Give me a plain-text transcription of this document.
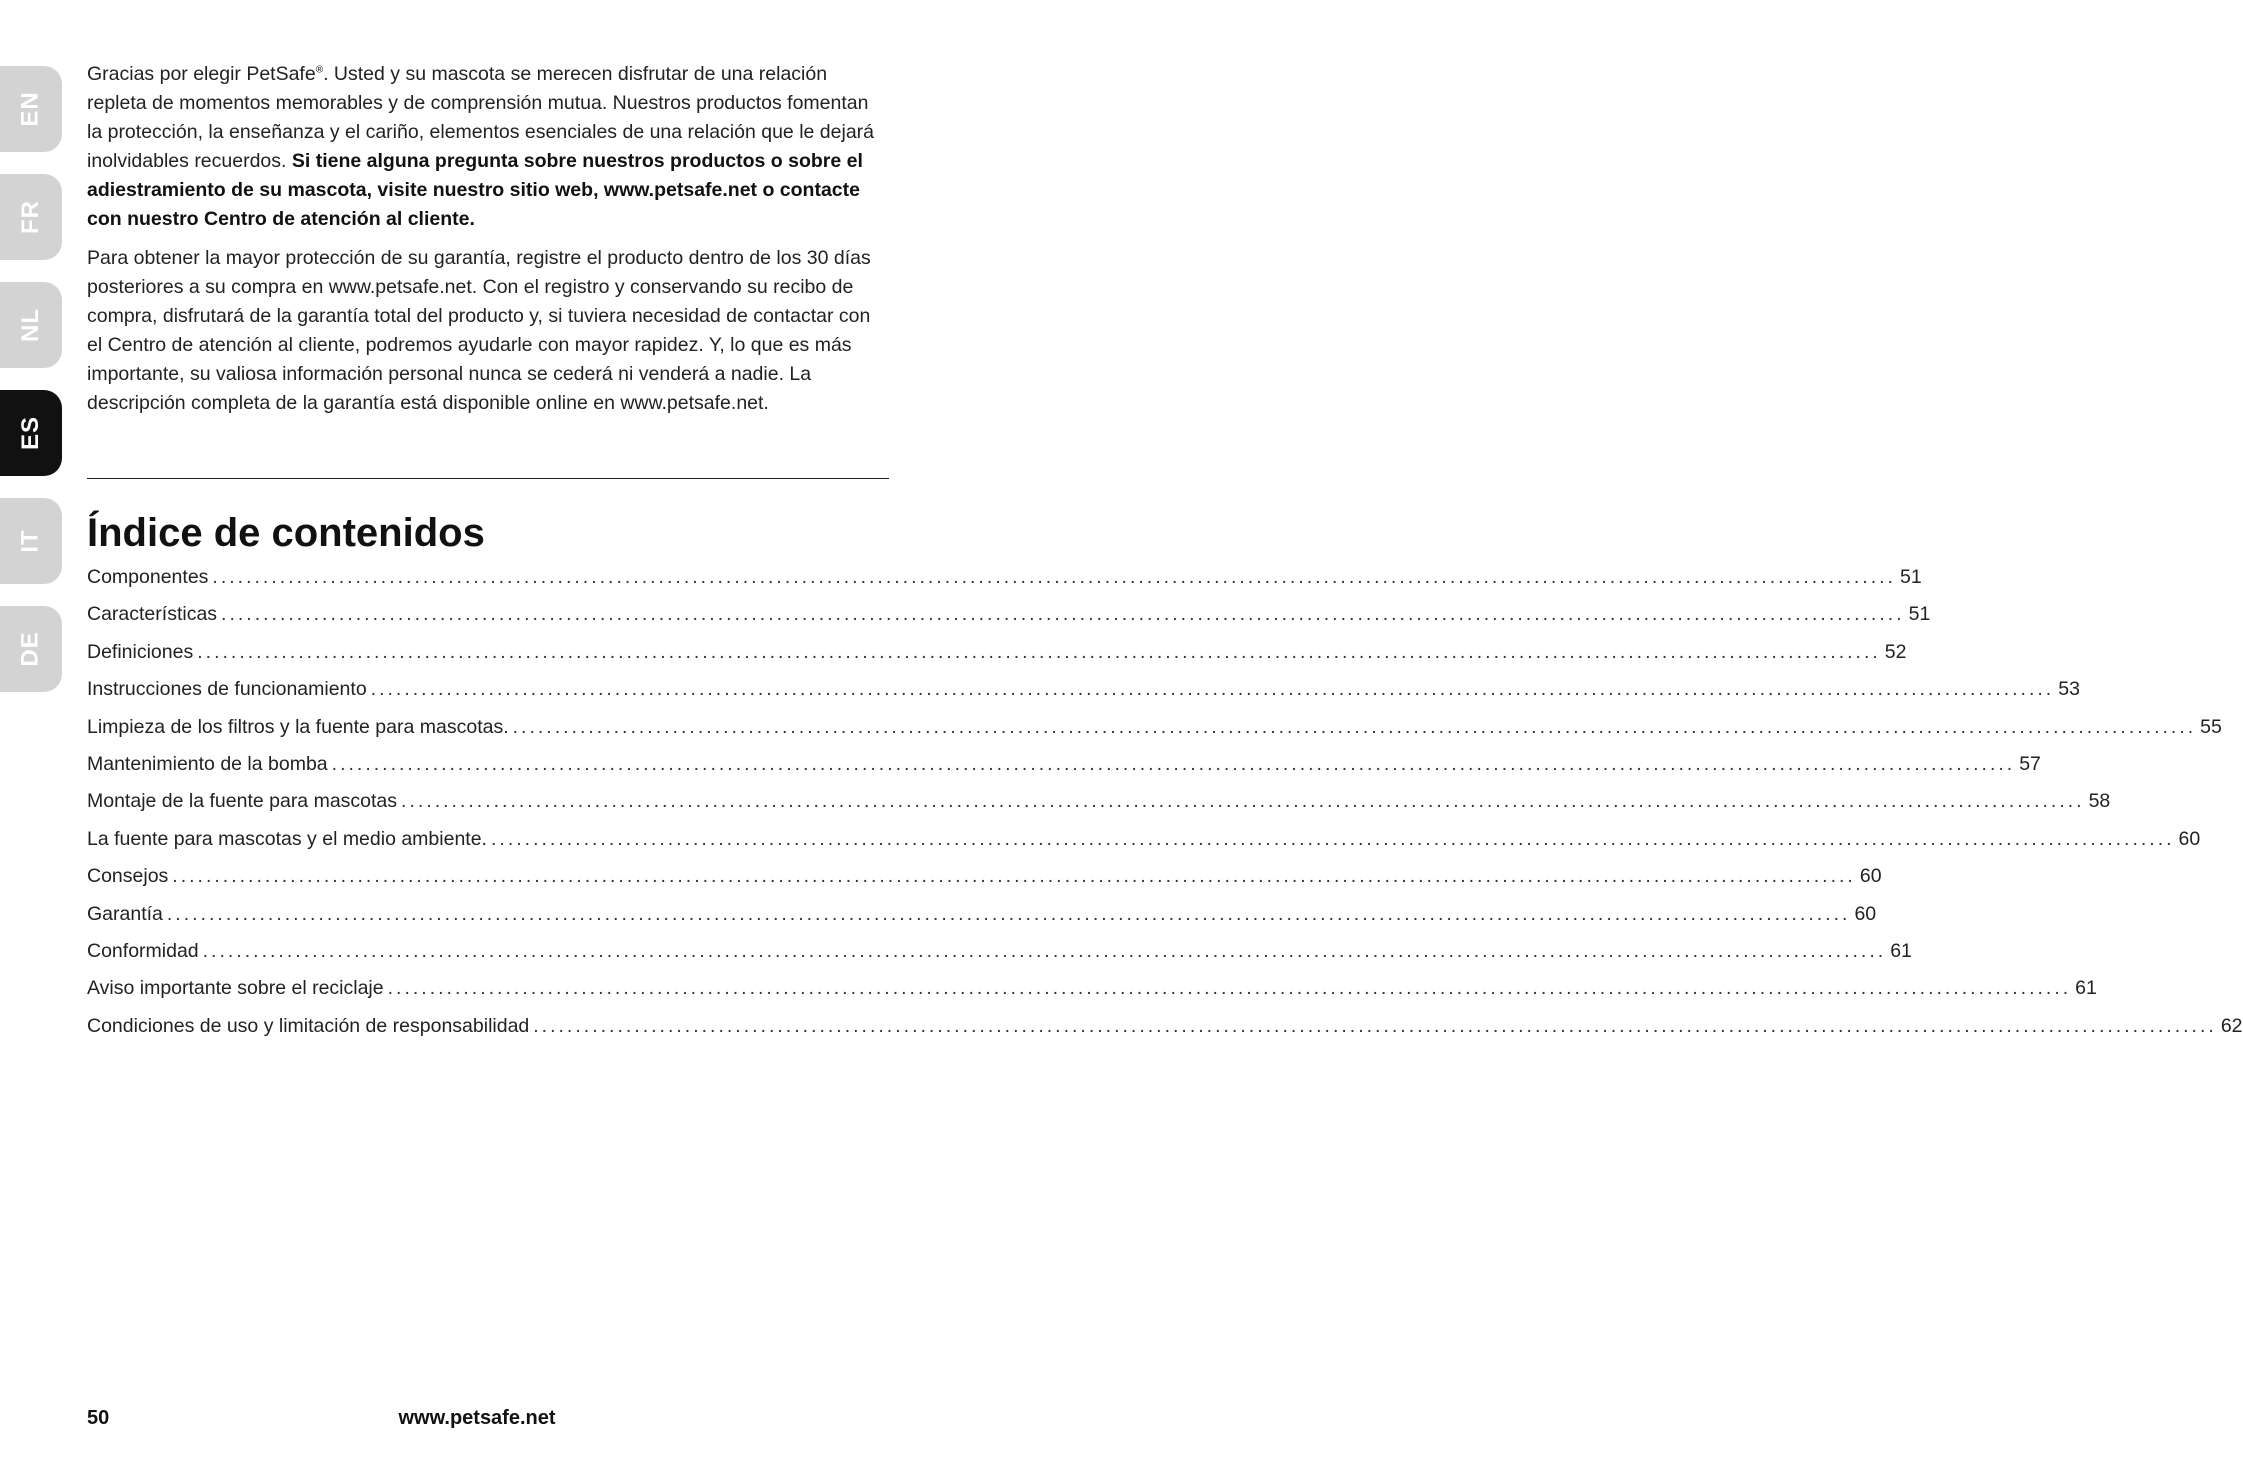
EN
FR
NL
ES
IT
DE

Gracias por elegir PetSafe®. Usted y su mascota se merecen disfrutar de una relación repleta de momentos memorables y de comprensión mutua. Nuestros productos fomentan la protección, la enseñanza y el cariño, elementos esenciales de una relación que le dejará inolvidables recuerdos. Si tiene alguna pregunta sobre nuestros productos o sobre el adiestramiento de su mascota, visite nuestro sitio web, www.petsafe.net o contacte con nuestro Centro de atención al cliente.

Para obtener la mayor protección de su garantía, registre el producto dentro de los 30 días posteriores a su compra en www.petsafe.net. Con el registro y conservando su recibo de compra, disfrutará de la garantía total del producto y, si tuviera necesidad de contactar con el Centro de atención al cliente, podremos ayudarle con mayor rapidez. Y, lo que es más importante, su valiosa información personal nunca se cederá ni venderá a nadie. La descripción completa de la garantía está disponible online en www.petsafe.net.

Índice de contenidos
Componentes ........................................................................................................................................................................................................ 51
Características ........................................................................................................................................................................................................ 51
Definiciones ........................................................................................................................................................................................................ 52
Instrucciones de funcionamiento ........................................................................................................................................................................................................ 53
Limpieza de los filtros y la fuente para mascotas. ........................................................................................................................................................................................................ 55
Mantenimiento de la bomba ........................................................................................................................................................................................................ 57
Montaje de la fuente para mascotas ........................................................................................................................................................................................................ 58
La fuente para mascotas y el medio ambiente. ........................................................................................................................................................................................................ 60
Consejos ........................................................................................................................................................................................................ 60
Garantía ........................................................................................................................................................................................................ 60
Conformidad ........................................................................................................................................................................................................ 61
Aviso importante sobre el reciclaje ........................................................................................................................................................................................................ 61
Condiciones de uso y limitación de responsabilidad ........................................................................................................................................................................................................ 62
50	www.petsafe.net
